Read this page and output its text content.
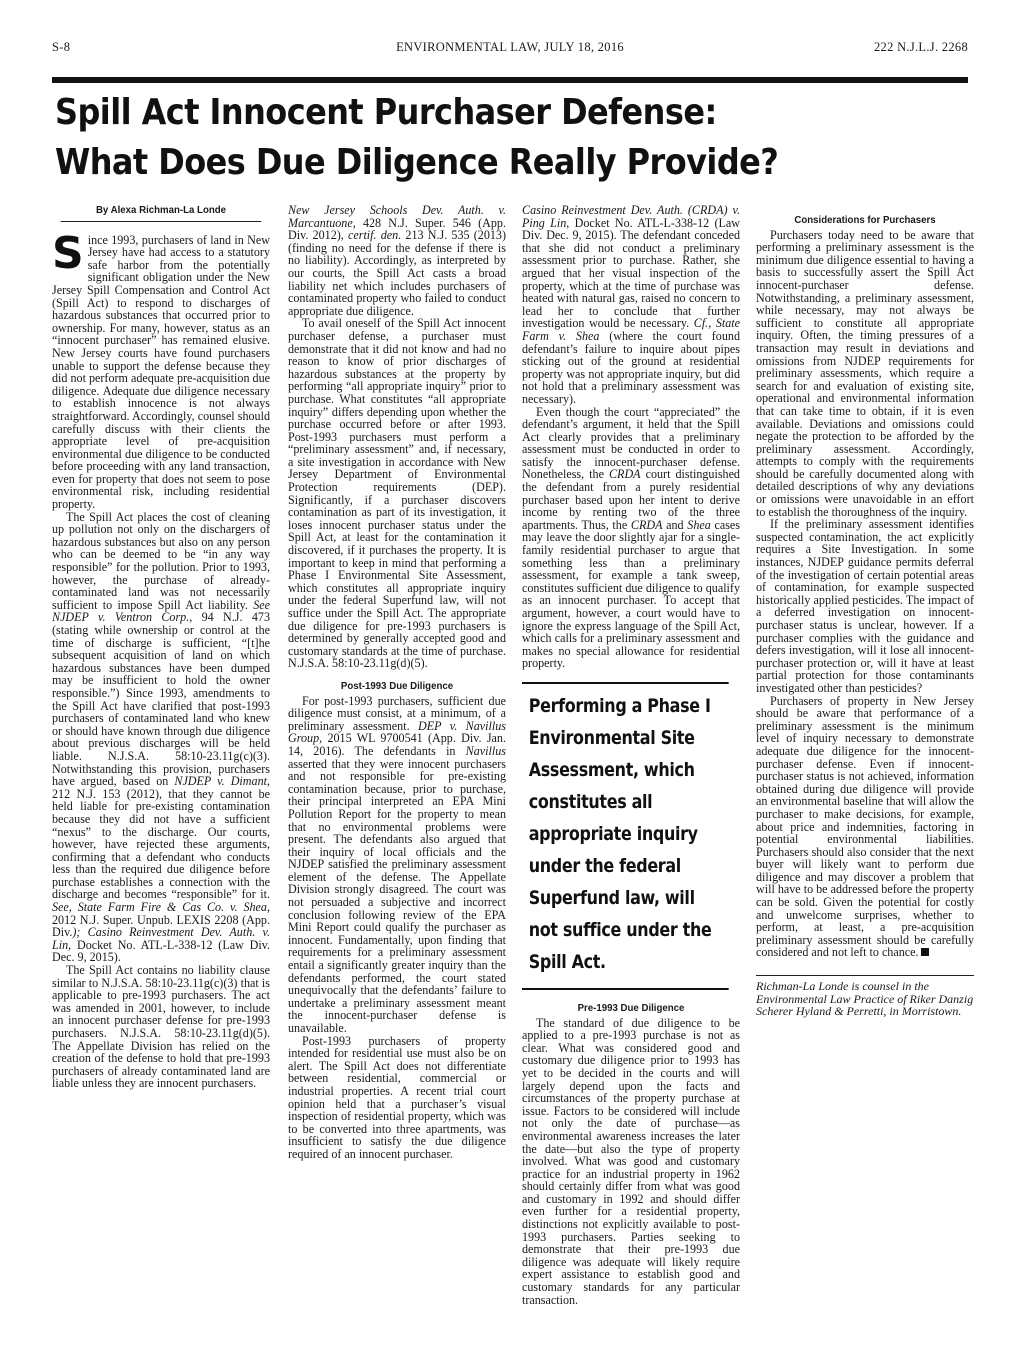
S-8	ENVIRONMENTAL LAW, JULY 18, 2016	222 N.J.L.J. 2268
Spill Act Innocent Purchaser Defense:
What Does Due Diligence Really Provide?
By Alexa Richman-La Londe

Since 1993, purchasers of land in New Jersey have had access to a statutory safe harbor from the potentially significant obligation under the New Jersey Spill Compensation and Control Act (Spill Act) to respond to discharges of hazardous substances that occurred prior to ownership. For many, however, status as an “innocent purchaser” has remained elusive. New Jersey courts have found purchasers unable to support the defense because they did not perform adequate pre-acquisition due diligence. Adequate due diligence necessary to establish innocence is not always straightforward. Accordingly, counsel should carefully discuss with their clients the appropriate level of pre-acquisition environmental due diligence to be conducted before proceeding with any land transaction, even for property that does not seem to pose environmental risk, including residential property.

The Spill Act places the cost of cleaning up pollution not only on the dischargers of hazardous substances but also on any person who can be deemed to be “in any way responsible” for the pollution. Prior to 1993, however, the purchase of already-contaminated land was not necessarily sufficient to impose Spill Act liability. See NJDEP v. Ventron Corp., 94 N.J. 473 (stating while ownership or control at the time of discharge is sufficient, “[t]he subsequent acquisition of land on which hazardous substances have been dumped may be insufficient to hold the owner responsible.”) Since 1993, amendments to the Spill Act have clarified that post-1993 purchasers of contaminated land who knew or should have known through due diligence about previous discharges will be held liable. N.J.S.A. 58:10-23.11g(c)(3). Notwithstanding this provision, purchasers have argued, based on NJDEP v. Dimant, 212 N.J. 153 (2012), that they cannot be held liable for pre-existing contamination because they did not have a sufficient “nexus” to the discharge. Our courts, however, have rejected these arguments, confirming that a defendant who conducts less than the required due diligence before purchase establishes a connection with the discharge and becomes “responsible” for it. See, State Farm Fire & Cas Co. v. Shea, 2012 N.J. Super. Unpub. LEXIS 2208 (App. Div.); Casino Reinvestment Dev. Auth. v. Lin, Docket No. ATL-L-338-12 (Law Div. Dec. 9, 2015).

The Spill Act contains no liability clause similar to N.J.S.A. 58:10-23.11g(c)(3) that is applicable to pre-1993 purchasers. The act was amended in 2001, however, to include an innocent purchaser defense for pre-1993 purchasers. N.J.S.A. 58:10-23.11g(d)(5). The Appellate Division has relied on the creation of the defense to hold that pre-1993 purchasers of already contaminated land are liable unless they are innocent purchasers.

New Jersey Schools Dev. Auth. v. Marcantuone, 428 N.J. Super. 546 (App. Div. 2012), certif. den. 213 N.J. 535 (2013) (finding no need for the defense if there is no liability). Accordingly, as interpreted by our courts, the Spill Act casts a broad liability net which includes purchasers of contaminated property who failed to conduct appropriate due diligence.

To avail oneself of the Spill Act innocent purchaser defense, a purchaser must demonstrate that it did not know and had no reason to know of prior discharges of hazardous substances at the property by performing “all appropriate inquiry” prior to purchase. What constitutes “all appropriate inquiry” differs depending upon whether the purchase occurred before or after 1993. Post-1993 purchasers must perform a “preliminary assessment” and, if necessary, a site investigation in accordance with New Jersey Department of Environmental Protection requirements (DEP). Significantly, if a purchaser discovers contamination as part of its investigation, it loses innocent purchaser status under the Spill Act, at least for the contamination it discovered, if it purchases the property. It is important to keep in mind that performing a Phase I Environmental Site Assessment, which constitutes all appropriate inquiry under the federal Superfund law, will not suffice under the Spill Act. The appropriate due diligence for pre-1993 purchasers is determined by generally accepted good and customary standards at the time of purchase. N.J.S.A. 58:10-23.11g(d)(5).

Post-1993 Due Diligence

For post-1993 purchasers, sufficient due diligence must consist, at a minimum, of a preliminary assessment. DEP v. Navillus Group, 2015 WL 9700541 (App. Div. Jan. 14, 2016). The defendants in Navillus asserted that they were innocent purchasers and not responsible for pre-existing contamination because, prior to purchase, their principal interpreted an EPA Mini Pollution Report for the property to mean that no environmental problems were present. The defendants also argued that their inquiry of local officials and the NJDEP satisfied the preliminary assessment element of the defense. The Appellate Division strongly disagreed. The court was not persuaded a subjective and incorrect conclusion following review of the EPA Mini Report could qualify the purchaser as innocent. Fundamentally, upon finding that requirements for a preliminary assessment entail a significantly greater inquiry than the defendants performed, the court stated unequivocally that the defendants’ failure to undertake a preliminary assessment meant the innocent-purchaser defense is unavailable.

Post-1993 purchasers of property intended for residential use must also be on alert. The Spill Act does not differentiate between residential, commercial or industrial properties. A recent trial court opinion held that a purchaser’s visual inspection of residential property, which was to be converted into three apartments, was insufficient to satisfy the due diligence required of an innocent purchaser.

Casino Reinvestment Dev. Auth. (CRDA) v. Ping Lin, Docket No. ATL-L-338-12 (Law Div. Dec. 9, 2015). The defendant conceded that she did not conduct a preliminary assessment prior to purchase. Rather, she argued that her visual inspection of the property, which at the time of purchase was heated with natural gas, raised no concern to lead her to conclude that further investigation would be necessary. Cf., State Farm v. Shea (where the court found defendant’s failure to inquire about pipes sticking out of the ground at residential property was not appropriate inquiry, but did not hold that a preliminary assessment was necessary).

Even though the court “appreciated” the defendant’s argument, it held that the Spill Act clearly provides that a preliminary assessment must be conducted in order to satisfy the innocent-purchaser defense. Nonetheless, the CRDA court distinguished the defendant from a purely residential purchaser based upon her intent to derive income by renting two of the three apartments. Thus, the CRDA and Shea cases may leave the door slightly ajar for a single-family residential purchaser to argue that something less than a preliminary assessment, for example a tank sweep, constitutes sufficient due diligence to qualify as an innocent purchaser. To accept that argument, however, a court would have to ignore the express language of the Spill Act, which calls for a preliminary assessment and makes no special allowance for residential property.

Performing a Phase I Environmental Site Assessment, which constitutes all appropriate inquiry under the federal Superfund law, will not suffice under the Spill Act.
Pre-1993 Due Diligence

The standard of due diligence to be applied to a pre-1993 purchase is not as clear. What was considered good and customary due diligence prior to 1993 has yet to be decided in the courts and will largely depend upon the facts and circumstances of the property purchase at issue. Factors to be considered will include not only the date of purchase—as environmental awareness increases the later the date—but also the type of property involved. What was good and customary practice for an industrial property in 1962 should certainly differ from what was good and customary in 1992 and should differ even further for a residential property, distinctions not explicitly available to post-1993 purchasers. Parties seeking to demonstrate that their pre-1993 due diligence was adequate will likely require expert assistance to establish good and customary standards for any particular transaction.

Considerations for Purchasers

Purchasers today need to be aware that performing a preliminary assessment is the minimum due diligence essential to having a basis to successfully assert the Spill Act innocent-purchaser defense. Notwithstanding, a preliminary assessment, while necessary, may not always be sufficient to constitute all appropriate inquiry. Often, the timing pressures of a transaction may result in deviations and omissions from NJDEP requirements for preliminary assessments, which require a search for and evaluation of existing site, operational and environmental information that can take time to obtain, if it is even available. Deviations and omissions could negate the protection to be afforded by the preliminary assessment. Accordingly, attempts to comply with the requirements should be carefully documented along with detailed descriptions of why any deviations or omissions were unavoidable in an effort to establish the thoroughness of the inquiry.

If the preliminary assessment identifies suspected contamination, the act explicitly requires a Site Investigation. In some instances, NJDEP guidance permits deferral of the investigation of certain potential areas of contamination, for example suspected historically applied pesticides. The impact of a deferred investigation on innocent-purchaser status is unclear, however. If a purchaser complies with the guidance and defers investigation, will it lose all innocent-purchaser protection or, will it have at least partial protection for those contaminants investigated other than pesticides?

Purchasers of property in New Jersey should be aware that performance of a preliminary assessment is the minimum level of inquiry necessary to demonstrate adequate due diligence for the innocent-purchaser defense. Even if innocent-purchaser status is not achieved, information obtained during due diligence will provide an environmental baseline that will allow the purchaser to make decisions, for example, about price and indemnities, factoring in potential environmental liabilities. Purchasers should also consider that the next buyer will likely want to perform due diligence and may discover a problem that will have to be addressed before the property can be sold. Given the potential for costly and unwelcome surprises, whether to perform, at least, a pre-acquisition preliminary assessment should be carefully considered and not left to chance.

Richman-La Londe is counsel in the Environmental Law Practice of Riker Danzig Scherer Hyland & Perretti, in Morristown.
